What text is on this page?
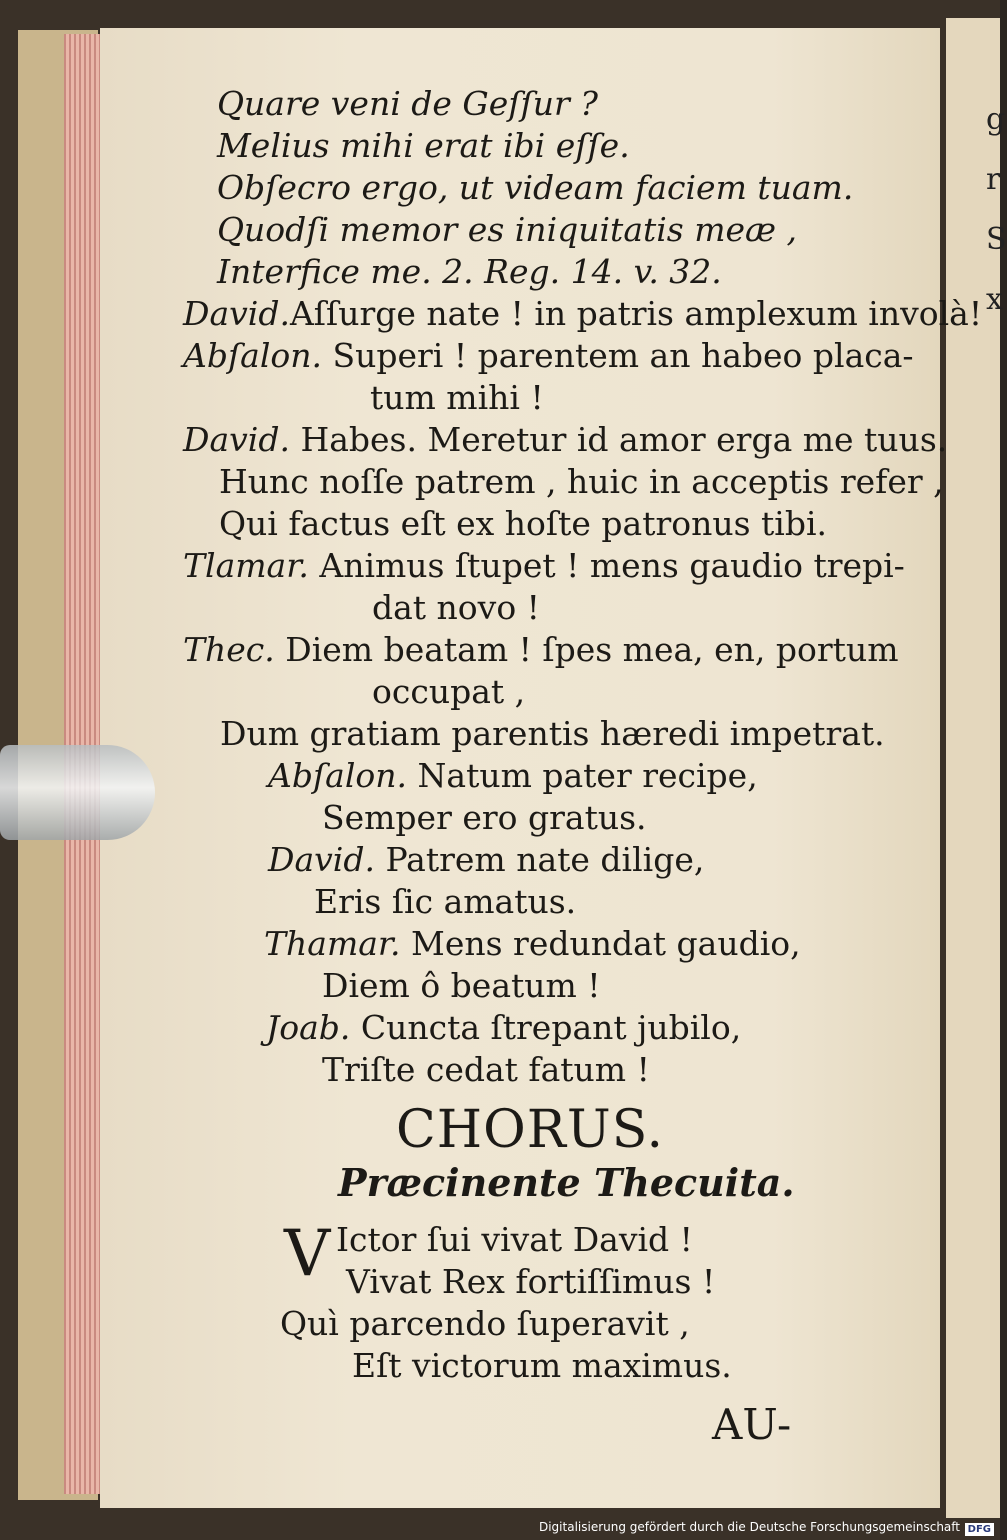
g
r
S
x
Quare veni de Geſſur ?
Melius mihi erat ibi eſſe.
Obſecro ergo, ut videam faciem tuam.
Quodſi memor es iniquitatis meæ ,
Interfice me. 2. Reg. 14. v. 32.
David.Aſſurge nate ! in patris amplexum involà!
Abſalon. Superi ! parentem an habeo placa-
tum mihi !
David. Habes. Meretur id amor erga me tuus.
Hunc noſſe patrem , huic in acceptis refer ,
Qui factus eſt ex hoſte patronus tibi.
Tlamar. Animus ſtupet ! mens gaudio trepi-
dat novo !
Thec. Diem beatam ! ſpes mea, en, portum
occupat ,
Dum gratiam parentis hæredi impetrat.
Abſalon. Natum pater recipe,
Semper ero gratus.
David. Patrem nate dilige,
Eris ſic amatus.
Thamar. Mens redundat gaudio,
Diem ô beatum !
Joab. Cuncta ſtrepant jubilo,
Triſte cedat fatum !
CHORUS.
Præcinente Thecuita.
V Ictor ſui vivat David !
Vivat Rex fortiſſimus !
Quì parcendo ſuperavit ,
Eſt victorum maximus.
AU-
Digitalisierung gefördert durch die Deutsche Forschungsgemeinschaft DFG
